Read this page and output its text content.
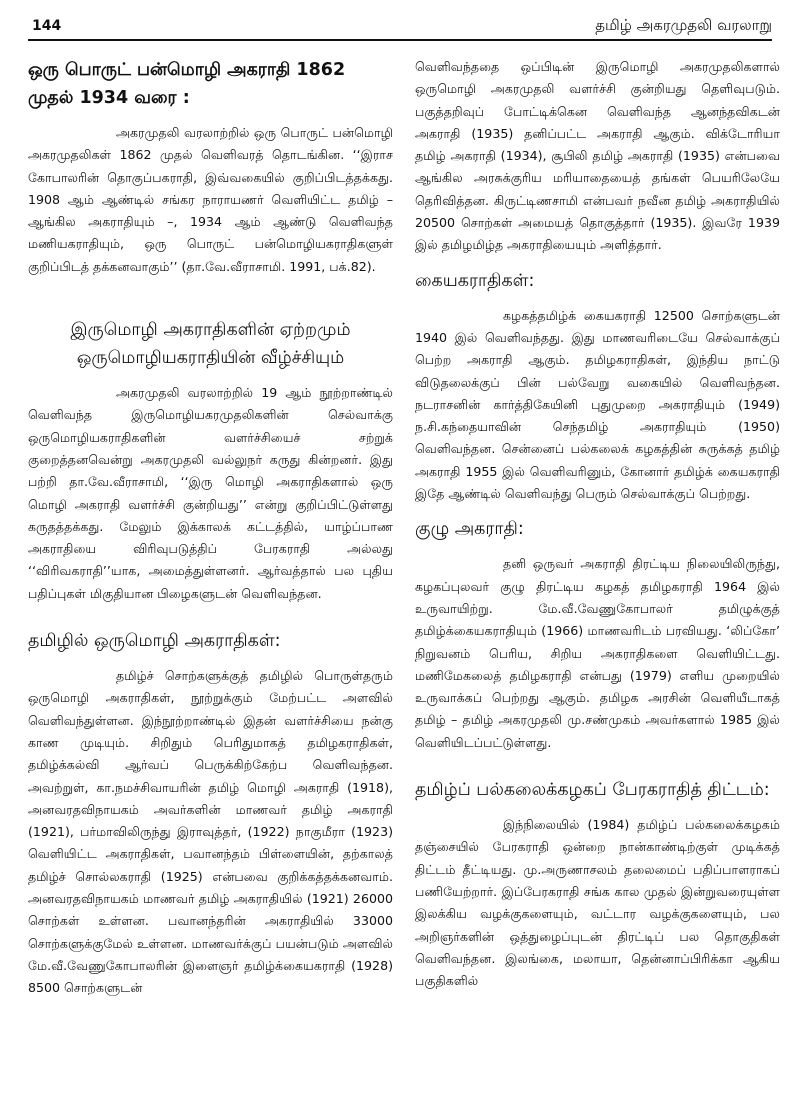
144	தமிழ் அகரமுதலி வரலாறு
ஒரு பொருட் பன்மொழி அகராதி 1862 முதல் 1934 வரை :

அகரமுதலி வரலாற்றில் ஒரு பொருட் பன்மொழி அகரமுதலிகள் 1862 முதல் வெளிவரத் தொடங்கின. ‘‘இராச கோபாலரின் தொகுப்பகராதி, இவ்வகையில் குறிப்பிடத்தக்கது. 1908 ஆம் ஆண்டில் சங்கர நாராயணர் வெளியிட்ட தமிழ் – ஆங்கில அகராதியும் –, 1934 ஆம் ஆண்டு வெளிவந்த மணியகராதியும், ஒரு பொருட் பன்மொழியகராதிகளுள் குறிப்பிடத் தக்கனவாகும்’’ (தா.வே.வீராசாமி. 1991, பக்.82).

இருமொழி அகராதிகளின் ஏற்றமும் ஒருமொழியகராதியின் வீழ்ச்சியும்

அகரமுதலி வரலாற்றில் 19 ஆம் நூற்றாண்டில் வெளிவந்த இருமொழியகரமுதலிகளின் செல்வாக்கு ஒருமொழியகராதிகளின் வளர்ச்சியைச் சற்றுக் குறைத்தனவென்று அகரமுதலி வல்லுநர் கருது கின்றனர். இது பற்றி தா.வே.வீராசாமி, ‘‘இரு மொழி அகராதிகளால் ஒரு மொழி அகராதி வளர்ச்சி குன்றியது’’ என்று குறிப்பிட்டுள்ளது கருதத்தக்கது. மேலும் இக்காலக் கட்டத்தில், யாழ்ப்பாண அகராதியை விரிவுபடுத்திப் பேரகராதி அல்லது ‘‘விரிவகராதி’’யாக, அமைத்துள்ளனர். ஆர்வத்தால் பல புதிய பதிப்புகள் மிகுதியான பிழைகளுடன் வெளிவந்தன.

தமிழில் ஒருமொழி அகராதிகள்:

தமிழ்ச் சொற்களுக்குத் தமிழில் பொருள்தரும் ஒருமொழி அகராதிகள், நூற்றுக்கும் மேற்பட்ட அளவில் வெளிவந்துள்ளன. இந்நூற்றாண்டில் இதன் வளர்ச்சியை நன்கு காண முடியும். சிறிதும் பெரிதுமாகத் தமிழகராதிகள், தமிழ்க்கல்வி ஆர்வப் பெருக்கிற்கேற்ப வெளிவந்தன. அவற்றுள், கா.நமச்சிவாயரின் தமிழ் மொழி அகராதி (1918), அனவரதவிநாயகம் அவர்களின் மாணவர் தமிழ் அகராதி (1921), பர்மாவிலிருந்து இராவுத்தர், (1922) நாகுமீரா (1923) வெளியிட்ட அகராதிகள், பவானந்தம் பிள்ளையின், தற்காலத் தமிழ்ச் சொல்லகராதி (1925) என்பவை குறிக்கத்தக்கனவாம். அனவரதவிநாயகம் மாணவர் தமிழ் அகராதியில் (1921) 26000 சொற்கள் உள்ளன. பவானந்தரின் அகராதியில் 33000 சொற்களுக்குமேல் உள்ளன. மாணவர்க்குப் பயன்படும் அளவில் மே.வீ.வேணுகோபாலரின் இளைஞர் தமிழ்க்கையகராதி (1928) 8500 சொற்களுடன்

வெளிவந்ததை ஒப்பிடின் இருமொழி அகரமுதலிகளால் ஒருமொழி அகரமுதலி வளர்ச்சி குன்றியது தெளிவுபடும். பகுத்தறிவுப் போட்டிக்கென வெளிவந்த ஆனந்தவிகடன் அகராதி (1935) தனிப்பட்ட அகராதி ஆகும். விக்டோரியா தமிழ் அகராதி (1934), சூபிலி தமிழ் அகராதி (1935) என்பவை ஆங்கில அரசுக்குரிய மரியாதையைத் தங்கள் பெயரிலேயே தெரிவித்தன. கிருட்டிணசாமி என்பவர் நவீன தமிழ் அகராதியில் 20500 சொற்கள் அமையத் தொகுத்தார் (1935). இவரே 1939 இல் தமிழமிழ்த அகராதியையும் அளித்தார்.

கையகராதிகள்:

கழகத்தமிழ்க் கையகராதி 12500 சொற்களுடன் 1940 இல் வெளிவந்தது. இது மாணவரிடையே செல்வாக்குப் பெற்ற அகராதி ஆகும். தமிழகராதிகள், இந்திய நாட்டு விடுதலைக்குப் பின் பல்வேறு வகையில் வெளிவந்தன. நடராசனின் கார்த்திகேயினி புதுமுறை அகராதியும் (1949) ந.சி.கந்தையாவின் செந்தமிழ் அகராதியும் (1950) வெளிவந்தன. சென்னைப் பல்கலைக் கழகத்தின் சுருக்கத் தமிழ் அகராதி 1955 இல் வெளிவரினும், கோனார் தமிழ்க் கையகராதி இதே ஆண்டில் வெளிவந்து பெரும் செல்வாக்குப் பெற்றது.

குழு அகராதி:

தனி ஒருவர் அகராதி திரட்டிய நிலையிலிருந்து, கழகப்புலவர் குழு திரட்டிய கழகத் தமிழகராதி 1964 இல் உருவாயிற்று. மே.வீ.வேணுகோபாலர் தமிழுக்குத் தமிழ்க்கையகராதியும் (1966) மாணவரிடம் பரவியது. ‘லிப்கோ’ நிறுவனம் பெரிய, சிறிய அகராதிகளை வெளியிட்டது. மணிமேகலைத் தமிழகராதி என்பது (1979) எளிய முறையில் உருவாக்கப் பெற்றது ஆகும். தமிழக அரசின் வெளியீடாகத் தமிழ் – தமிழ் அகரமுதலி மு.சண்முகம் அவர்களால் 1985 இல் வெளியிடப்பட்டுள்ளது.

தமிழ்ப் பல்கலைக்கழகப் பேரகராதித் திட்டம்:

இந்நிலையில் (1984) தமிழ்ப் பல்கலைக்கழகம் தஞ்சையில் பேரகராதி ஒன்றை நான்காண்டிற்குள் முடிக்கத் திட்டம் தீட்டியது. மு.அருணாசலம் தலைமைப் பதிப்பாளராகப் பணியேற்றார். இப்பேரகராதி சங்க கால முதல் இன்றுவரையுள்ள இலக்கிய வழக்குகளையும், வட்டார வழக்குகளையும், பல அறிஞர்களின் ஒத்துழைப்புடன் திரட்டிப் பல தொகுதிகள் வெளிவந்தன. இலங்கை, மலாயா, தென்னாப்பிரிக்கா ஆகிய பகுதிகளில்
